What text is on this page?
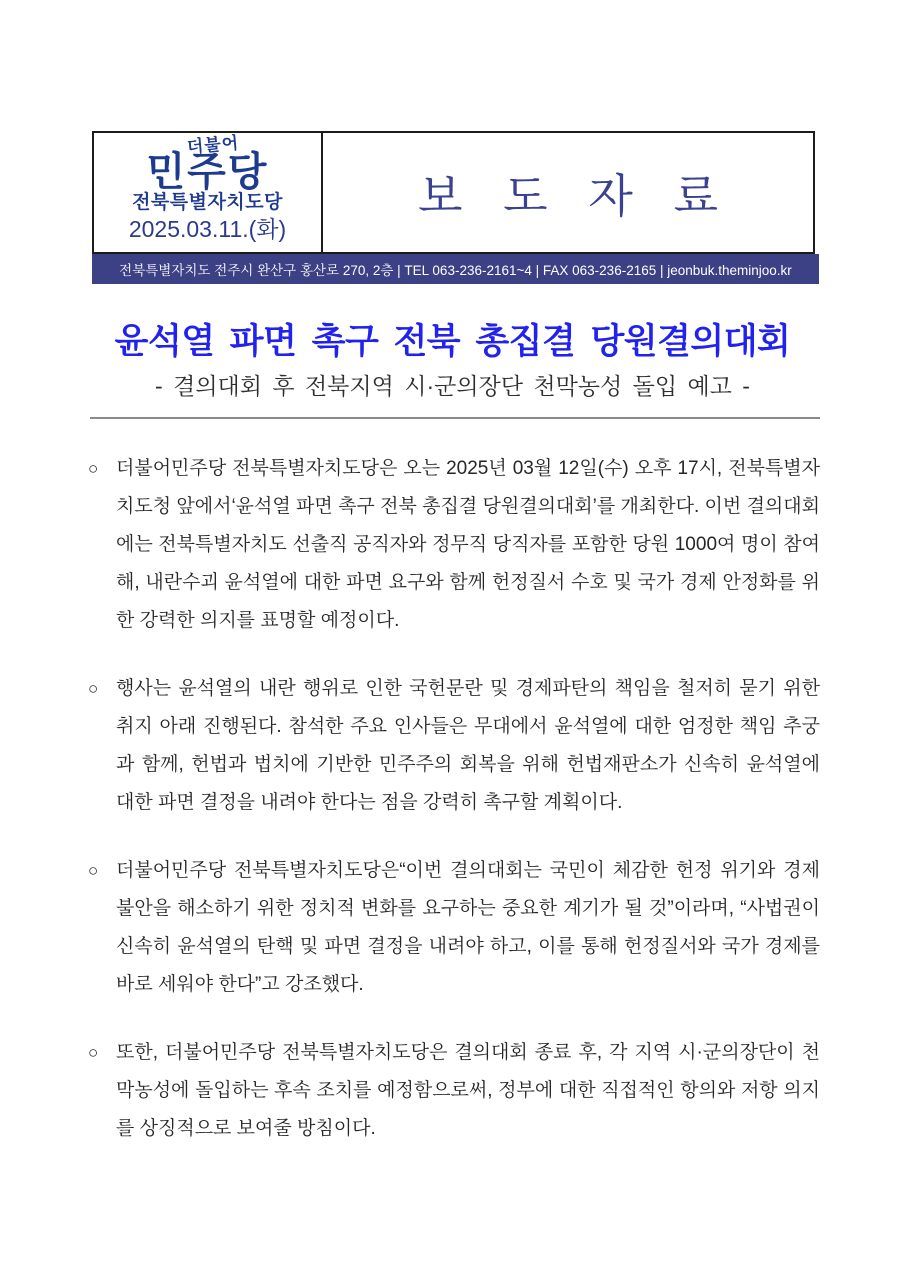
더불어
민주당
전북특별자치도당
2025.03.11.(화)
보 도 자 료
전북특별자치도 전주시 완산구 홍산로 270, 2층 | TEL 063-236-2161~4 | FAX 063-236-2165 | jeonbuk.theminjoo.kr
윤석열 파면 촉구 전북 총집결 당원결의대회
- 결의대회 후 전북지역 시·군의장단 천막농성 돌입 예고 -
○ 더불어민주당 전북특별자치도당은 오는 2025년 03월 12일(수) 오후 17시, 전북특별자치도청 앞에서‘윤석열 파면 촉구 전북 총집결 당원결의대회’를 개최한다. 이번 결의대회에는 전북특별자치도 선출직 공직자와 정무직 당직자를 포함한 당원 1000여 명이 참여해, 내란수괴 윤석열에 대한 파면 요구와 함께 헌정질서 수호 및 국가 경제 안정화를 위한 강력한 의지를 표명할 예정이다.
○ 행사는 윤석열의 내란 행위로 인한 국헌문란 및 경제파탄의 책임을 철저히 묻기 위한 취지 아래 진행된다. 참석한 주요 인사들은 무대에서 윤석열에 대한 엄정한 책임 추궁과 함께, 헌법과 법치에 기반한 민주주의 회복을 위해 헌법재판소가 신속히 윤석열에 대한 파면 결정을 내려야 한다는 점을 강력히 촉구할 계획이다.
○ 더불어민주당 전북특별자치도당은“이번 결의대회는 국민이 체감한 헌정 위기와 경제 불안을 해소하기 위한 정치적 변화를 요구하는 중요한 계기가 될 것”이라며, “사법권이 신속히 윤석열의 탄핵 및 파면 결정을 내려야 하고, 이를 통해 헌정질서와 국가 경제를 바로 세워야 한다”고 강조했다.
○ 또한, 더불어민주당 전북특별자치도당은 결의대회 종료 후, 각 지역 시·군의장단이 천막농성에 돌입하는 후속 조치를 예정함으로써, 정부에 대한 직접적인 항의와 저항 의지를 상징적으로 보여줄 방침이다.
